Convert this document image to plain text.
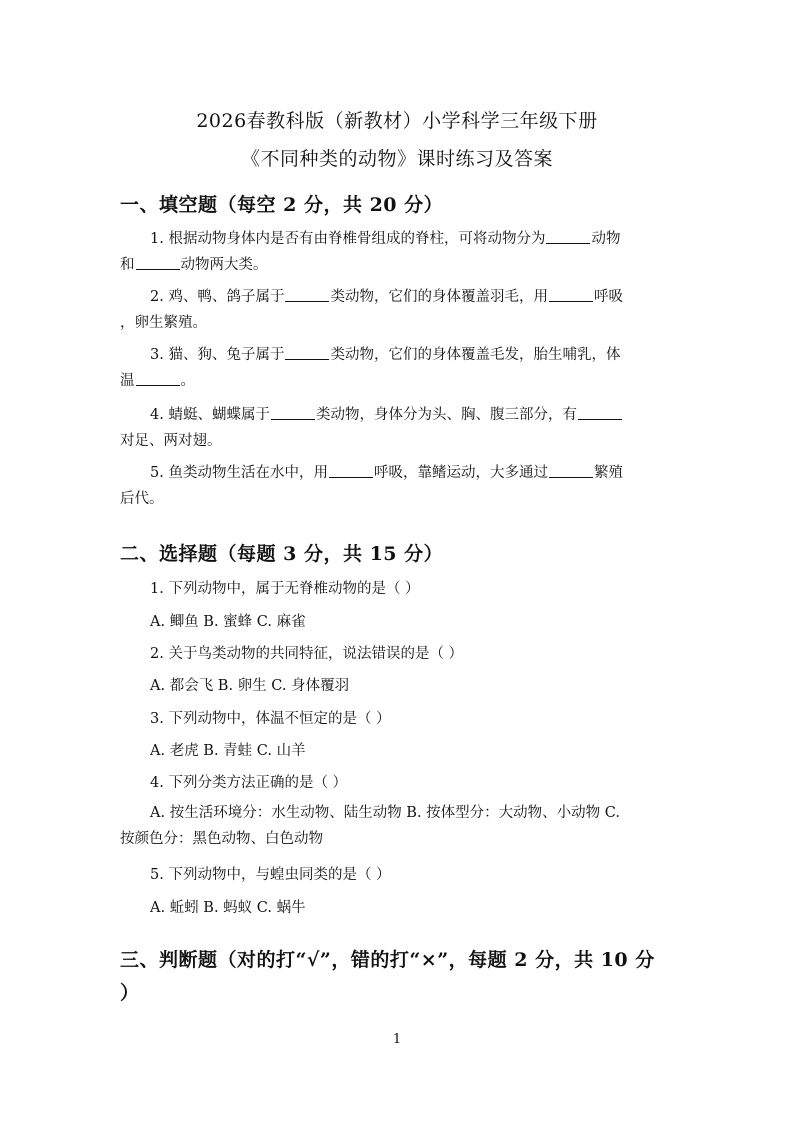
2026春教科版（新教材）小学科学三年级下册
《不同种类的动物》课时练习及答案
一、填空题（每空 2 分，共 20 分）
1. 根据动物身体内是否有由脊椎骨组成的脊柱，可将动物分为	动物
和	动物两大类。
2. 鸡、鸭、鸽子属于	类动物，它们的身体覆盖羽毛，用	呼吸
，卵生繁殖。
3. 猫、狗、兔子属于	类动物，它们的身体覆盖毛发，胎生哺乳，体
温	。
4. 蜻蜓、蝴蝶属于	类动物，身体分为头、胸、腹三部分，有
对足、两对翅。
5. 鱼类动物生活在水中，用	呼吸，靠鳍运动，大多通过	繁殖
后代。
二、选择题（每题 3 分，共 15 分）
1. 下列动物中，属于无脊椎动物的是（ ）
A. 鲫鱼 B. 蜜蜂 C. 麻雀
2. 关于鸟类动物的共同特征，说法错误的是（ ）
A. 都会飞 B. 卵生 C. 身体覆羽
3. 下列动物中，体温不恒定的是（ ）
A. 老虎 B. 青蛙 C. 山羊
4. 下列分类方法正确的是（ ）
A. 按生活环境分：水生动物、陆生动物 B. 按体型分：大动物、小动物 C.
按颜色分：黑色动物、白色动物
5. 下列动物中，与蝗虫同类的是（ ）
A. 蚯蚓 B. 蚂蚁 C. 蜗牛
三、判断题（对的打“√”，错的打“×”，每题 2 分，共 10 分
）
1
